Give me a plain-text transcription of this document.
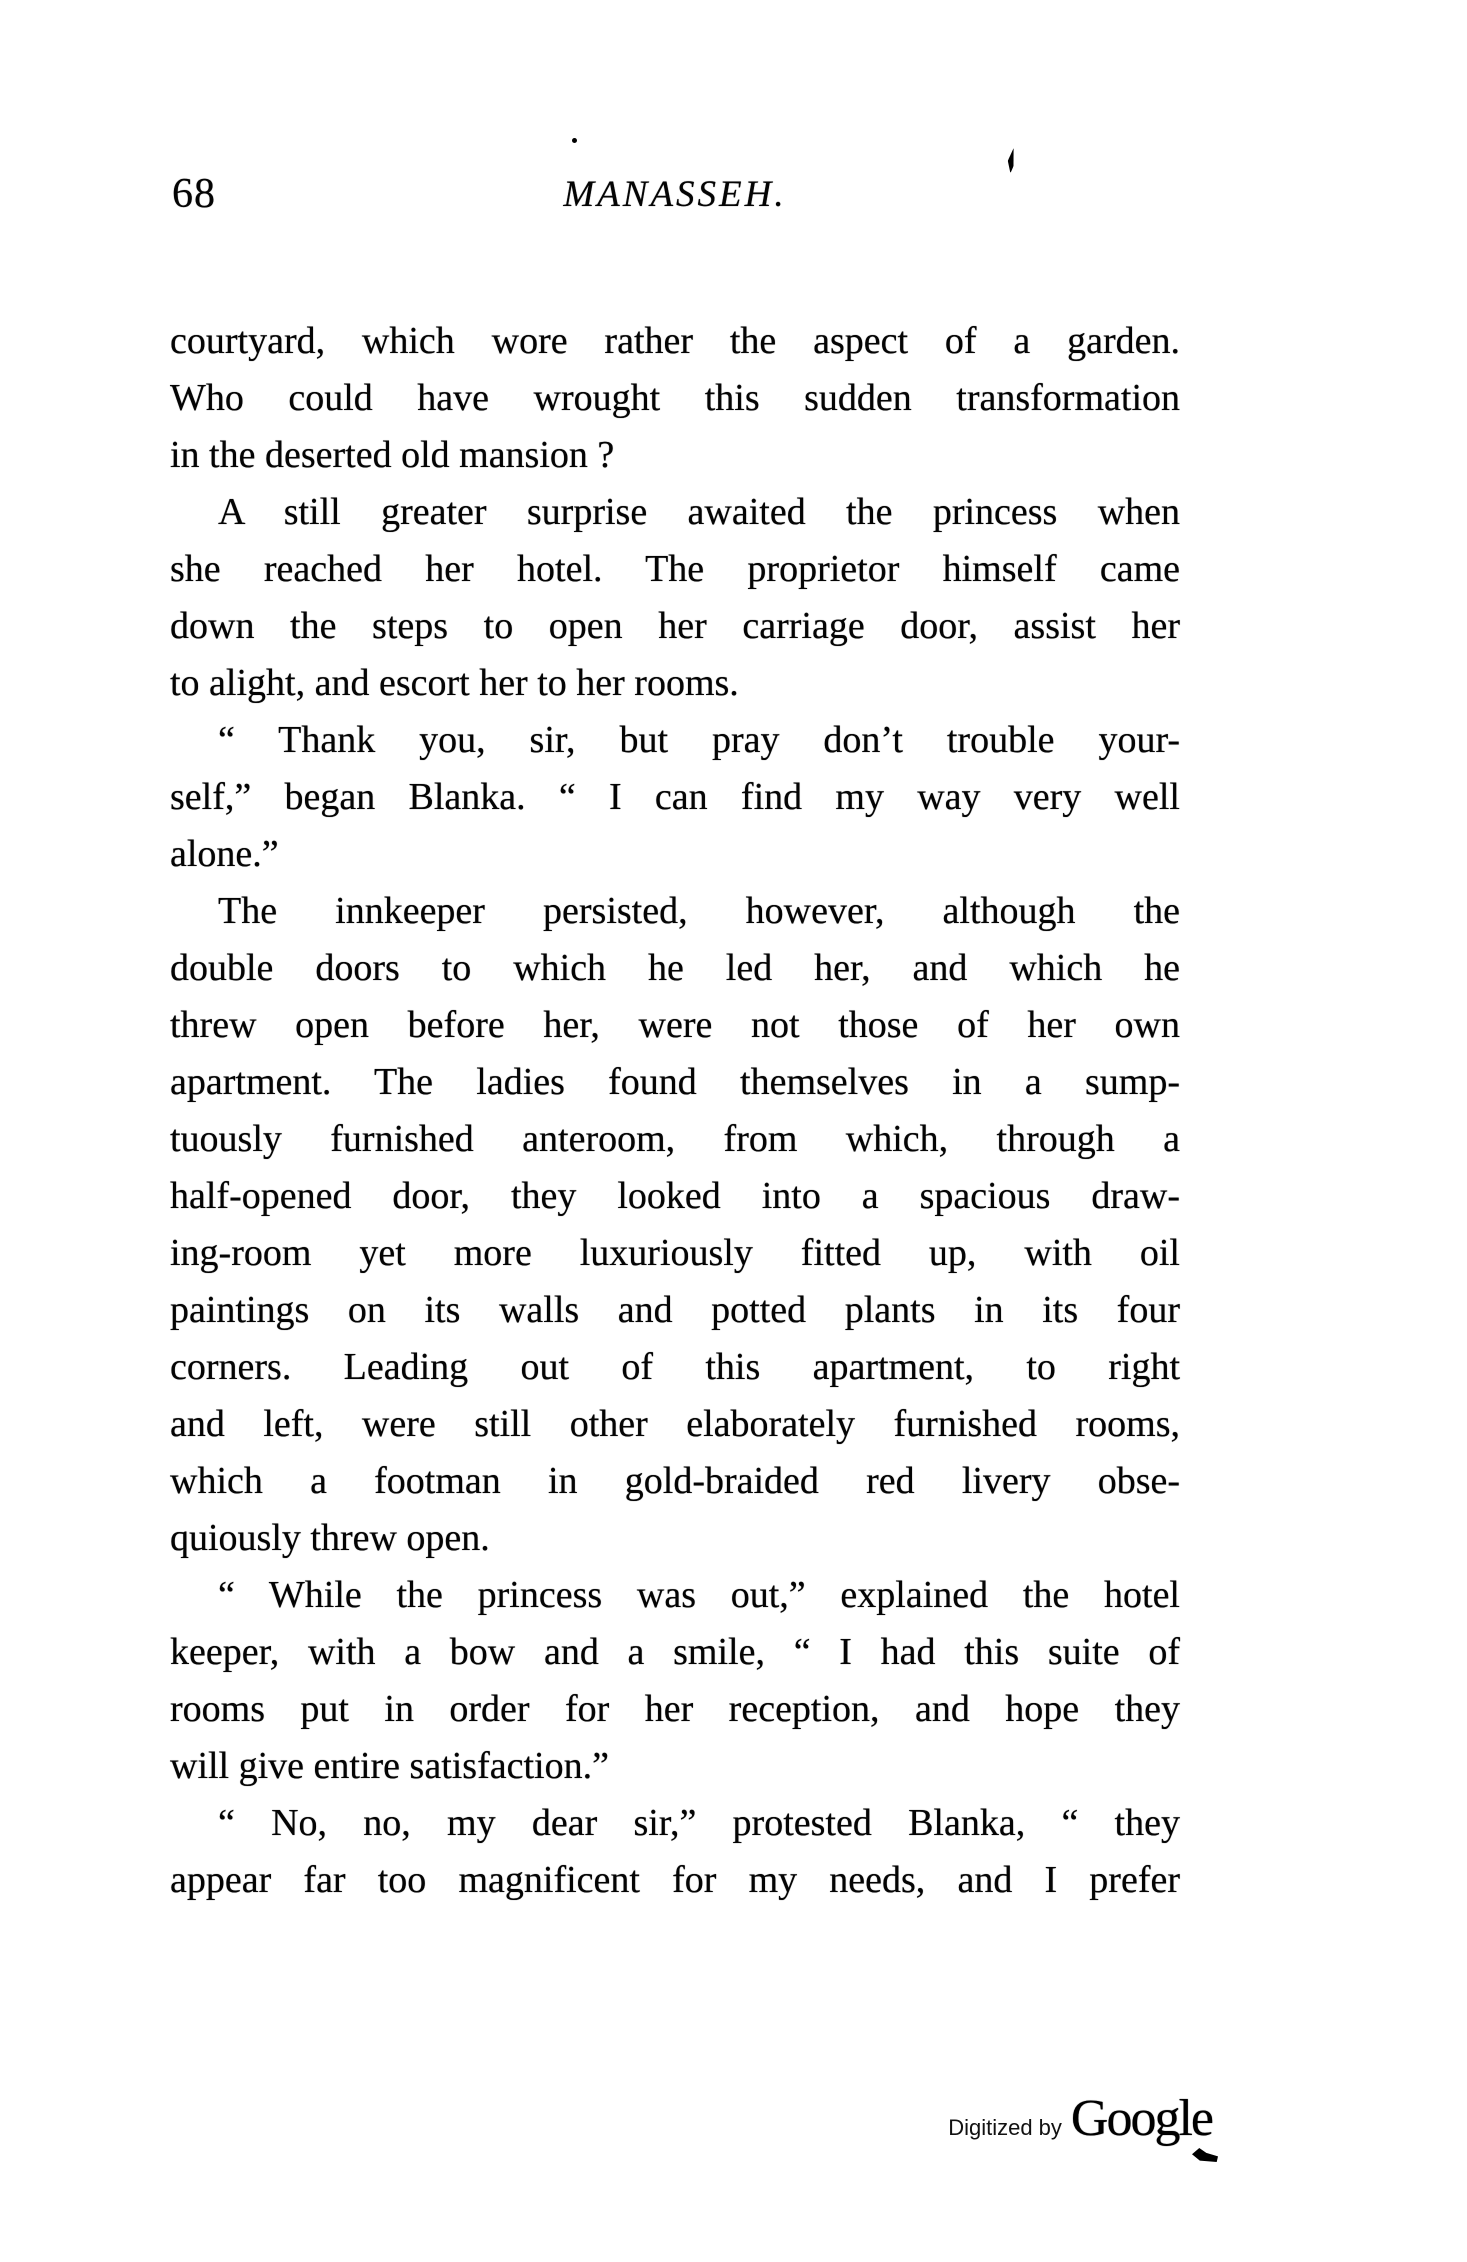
68	MANASSEH.

courtyard, which wore rather the aspect of a garden.
Who could have wrought this sudden transformation
in the deserted old mansion ?

A still greater surprise awaited the princess when
she reached her hotel. The proprietor himself came
down the steps to open her carriage door, assist her
to alight, and escort her to her rooms.

“ Thank you, sir, but pray don’t trouble your-
self,” began Blanka. “ I can find my way very well
alone.”

The innkeeper persisted, however, although the
double doors to which he led her, and which he
threw open before her, were not those of her own
apartment. The ladies found themselves in a sump-
tuously furnished anteroom, from which, through a
half-opened door, they looked into a spacious draw-
ing-room yet more luxuriously fitted up, with oil
paintings on its walls and potted plants in its four
corners. Leading out of this apartment, to right
and left, were still other elaborately furnished rooms,
which a footman in gold-braided red livery obse-
quiously threw open.

“ While the princess was out,” explained the hotel
keeper, with a bow and a smile, “ I had this suite of
rooms put in order for her reception, and hope they
will give entire satisfaction.”

“ No, no, my dear sir,” protested Blanka, “ they
appear far too magnificent for my needs, and I prefer

Digitized by Google
